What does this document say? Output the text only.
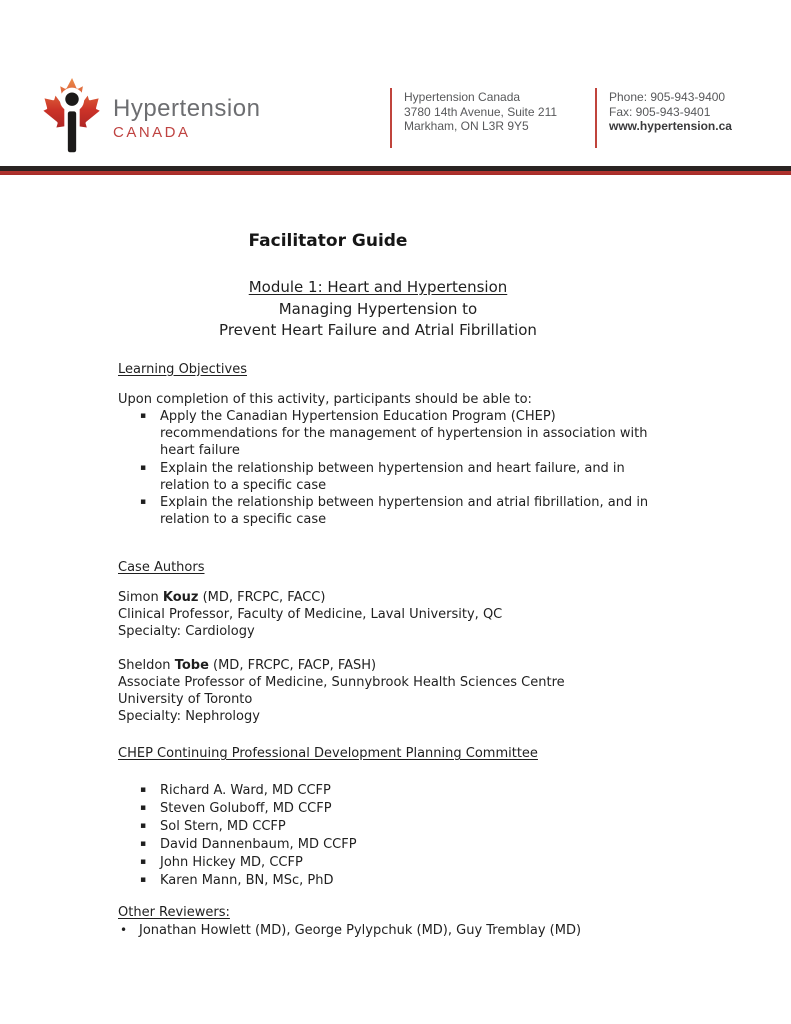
Hypertension
CANADA
Hypertension Canada
3780 14th Avenue, Suite 211
Markham, ON L3R 9Y5
Phone: 905-943-9400
Fax: 905-943-9401
www.hypertension.ca
Facilitator Guide
Module 1: Heart and Hypertension
Managing Hypertension to
Prevent Heart Failure and Atrial Fibrillation
Learning Objectives
Upon completion of this activity, participants should be able to:
▪	Apply the Canadian Hypertension Education Program (CHEP)
recommendations for the management of hypertension in association with
heart failure
▪	Explain the relationship between hypertension and heart failure, and in
relation to a specific case
▪	Explain the relationship between hypertension and atrial fibrillation, and in
relation to a specific case
Case Authors
Simon Kouz (MD, FRCPC, FACC)
Clinical Professor, Faculty of Medicine, Laval University, QC
Specialty: Cardiology
Sheldon Tobe (MD, FRCPC, FACP, FASH)
Associate Professor of Medicine, Sunnybrook Health Sciences Centre
University of Toronto
Specialty: Nephrology
CHEP Continuing Professional Development Planning Committee
▪	Richard A. Ward, MD CCFP
▪	Steven Goluboff, MD CCFP
▪	Sol Stern, MD CCFP
▪	David Dannenbaum, MD CCFP
▪	John Hickey MD, CCFP
▪	Karen Mann, BN, MSc, PhD
Other Reviewers:
• Jonathan Howlett (MD), George Pylypchuk (MD), Guy Tremblay (MD)
